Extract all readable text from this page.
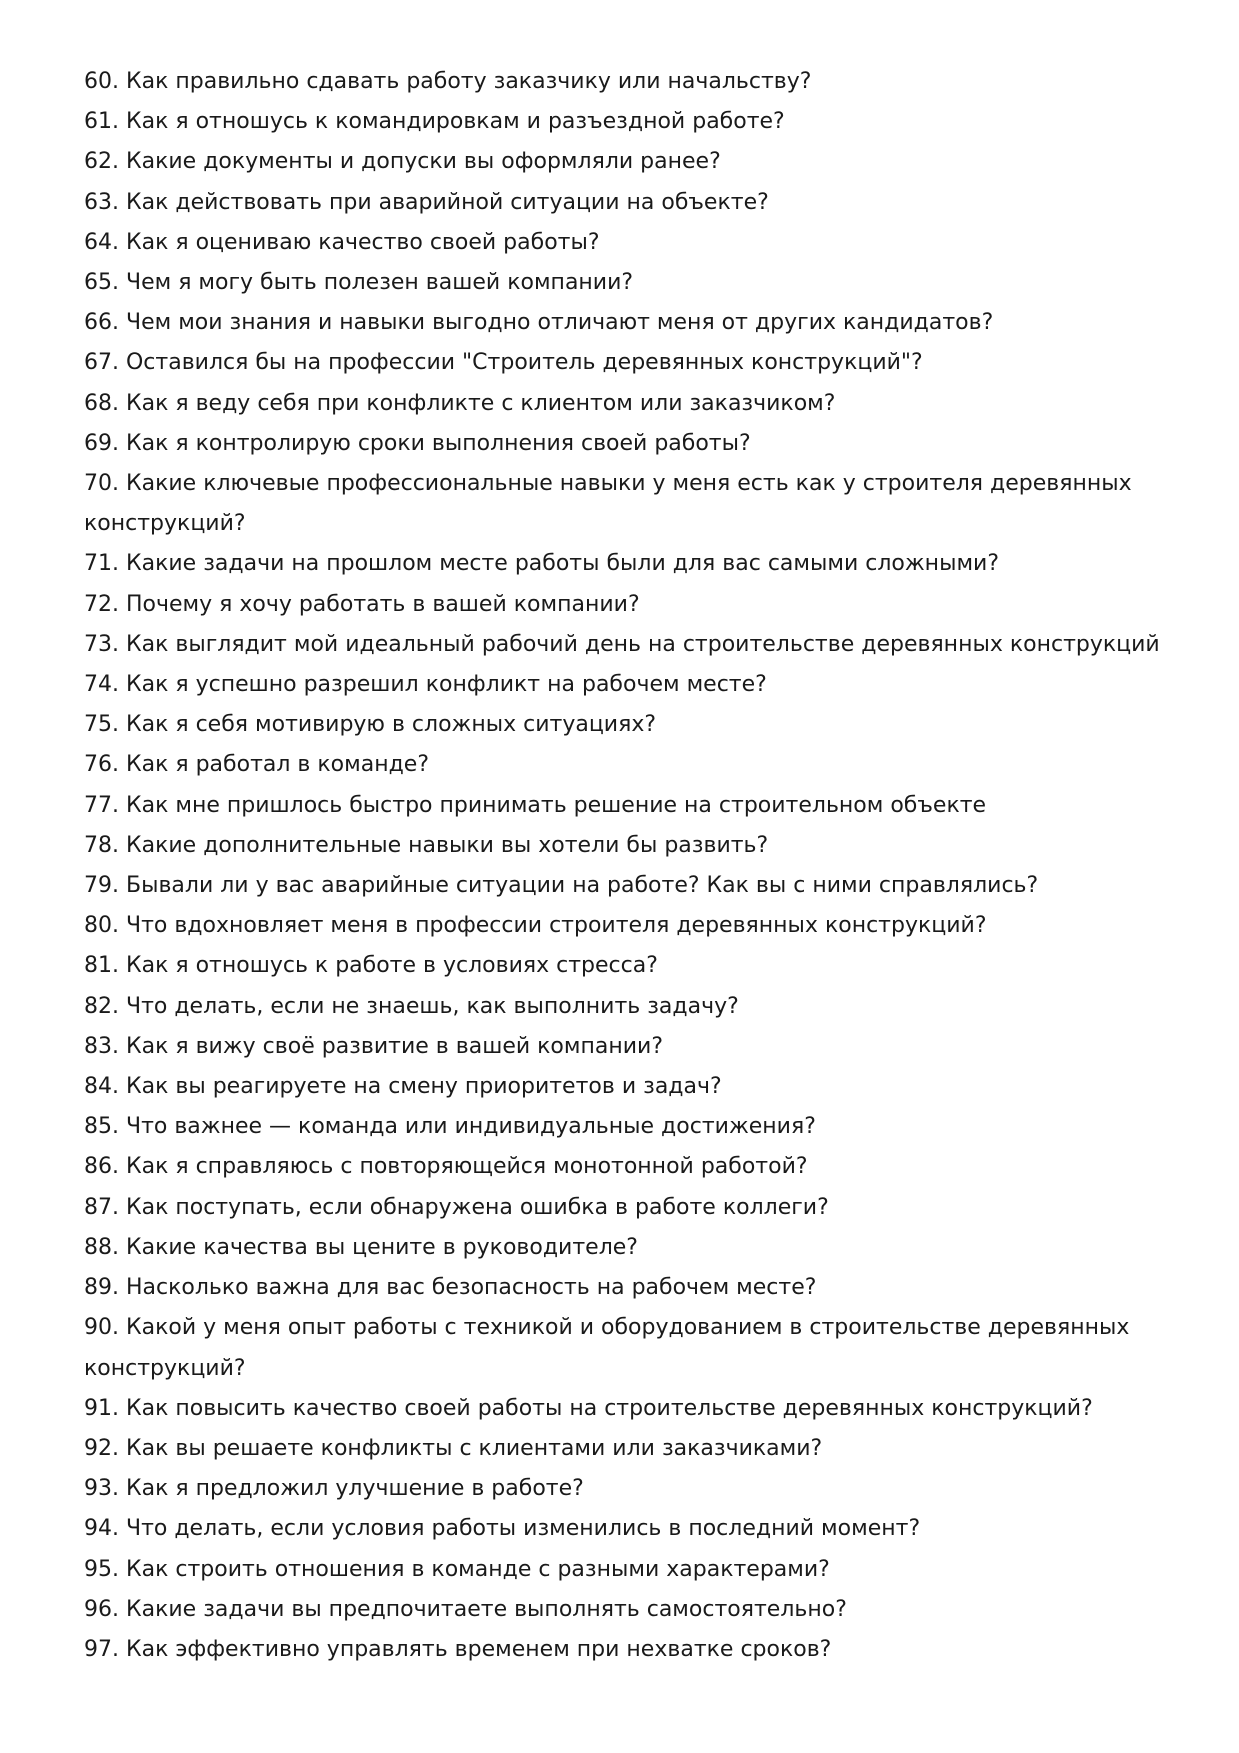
60. Как правильно сдавать работу заказчику или начальству?
61. Как я отношусь к командировкам и разъездной работе?
62. Какие документы и допуски вы оформляли ранее?
63. Как действовать при аварийной ситуации на объекте?
64. Как я оцениваю качество своей работы?
65. Чем я могу быть полезен вашей компании?
66. Чем мои знания и навыки выгодно отличают меня от других кандидатов?
67. Оставился бы на профессии "Строитель деревянных конструкций"?
68. Как я веду себя при конфликте с клиентом или заказчиком?
69. Как я контролирую сроки выполнения своей работы?
70. Какие ключевые профессиональные навыки у меня есть как у строителя деревянных конструкций?
71. Какие задачи на прошлом месте работы были для вас самыми сложными?
72. Почему я хочу работать в вашей компании?
73. Как выглядит мой идеальный рабочий день на строительстве деревянных конструкций
74. Как я успешно разрешил конфликт на рабочем месте?
75. Как я себя мотивирую в сложных ситуациях?
76. Как я работал в команде?
77. Как мне пришлось быстро принимать решение на строительном объекте
78. Какие дополнительные навыки вы хотели бы развить?
79. Бывали ли у вас аварийные ситуации на работе? Как вы с ними справлялись?
80. Что вдохновляет меня в профессии строителя деревянных конструкций?
81. Как я отношусь к работе в условиях стресса?
82. Что делать, если не знаешь, как выполнить задачу?
83. Как я вижу своё развитие в вашей компании?
84. Как вы реагируете на смену приоритетов и задач?
85. Что важнее — команда или индивидуальные достижения?
86. Как я справляюсь с повторяющейся монотонной работой?
87. Как поступать, если обнаружена ошибка в работе коллеги?
88. Какие качества вы цените в руководителе?
89. Насколько важна для вас безопасность на рабочем месте?
90. Какой у меня опыт работы с техникой и оборудованием в строительстве деревянных конструкций?
91. Как повысить качество своей работы на строительстве деревянных конструкций?
92. Как вы решаете конфликты с клиентами или заказчиками?
93. Как я предложил улучшение в работе?
94. Что делать, если условия работы изменились в последний момент?
95. Как строить отношения в команде с разными характерами?
96. Какие задачи вы предпочитаете выполнять самостоятельно?
97. Как эффективно управлять временем при нехватке сроков?
